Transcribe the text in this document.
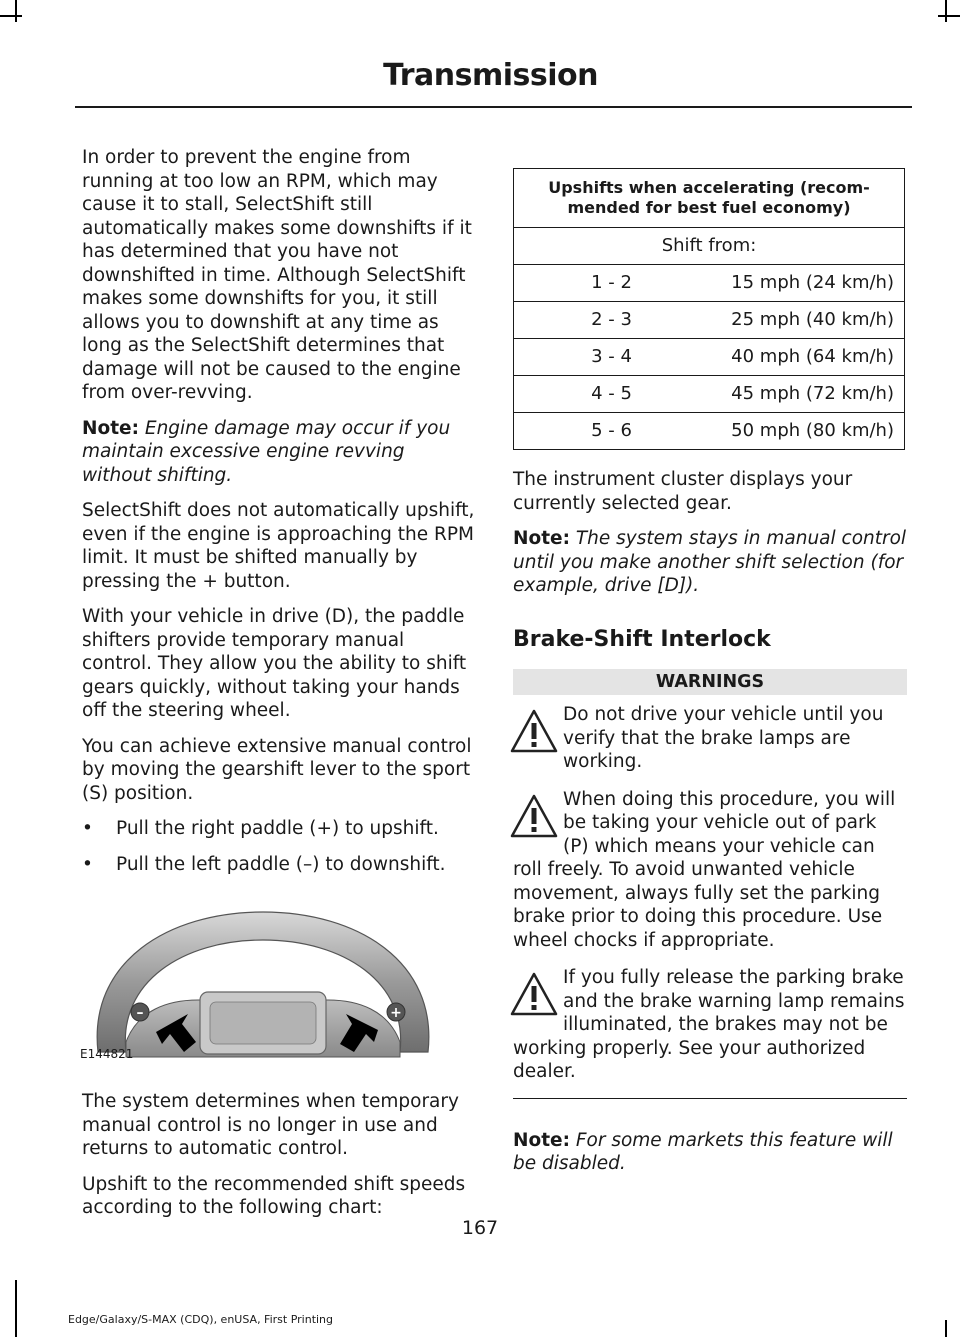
Transmission

In order to prevent the engine from running at too low an RPM, which may cause it to stall, SelectShift still automatically makes some downshifts if it has determined that you have not downshifted in time. Although SelectShift makes some downshifts for you, it still allows you to downshift at any time as long as the SelectShift determines that damage will not be caused to the engine from over-revving.

Note: Engine damage may occur if you maintain excessive engine revving without shifting.

SelectShift does not automatically upshift, even if the engine is approaching the RPM limit. It must be shifted manually by pressing the + button.

With your vehicle in drive (D), the paddle shifters provide temporary manual control. They allow you the ability to shift gears quickly, without taking your hands off the steering wheel.

You can achieve extensive manual control by moving the gearshift lever to the sport (S) position.

• Pull the right paddle (+) to upshift.
• Pull the left paddle (–) to downshift.
–	+
E144821

The system determines when temporary manual control is no longer in use and returns to automatic control.

Upshift to the recommended shift speeds according to the following chart:

Upshifts when accelerating (recom-mended for best fuel economy)	
Shift from:	
1 - 2	15 mph (24 km/h)
2 - 3	25 mph (40 km/h)
3 - 4	40 mph (64 km/h)
4 - 5	45 mph (72 km/h)
5 - 6	50 mph (80 km/h)

The instrument cluster displays your currently selected gear.

Note: The system stays in manual control until you make another shift selection (for example, drive [D]).

Brake-Shift Interlock
WARNINGS
Do not drive your vehicle until you verify that the brake lamps are working.
When doing this procedure, you will be taking your vehicle out of park (P) which means your vehicle can roll freely. To avoid unwanted vehicle movement, always fully set the parking brake prior to doing this procedure. Use wheel chocks if appropriate.
If you fully release the parking brake and the brake warning lamp remains illuminated, the brakes may not be working properly. See your authorized dealer.

Note: For some markets this feature will be disabled.

167
Edge/Galaxy/S-MAX (CDQ), enUSA, First Printing
